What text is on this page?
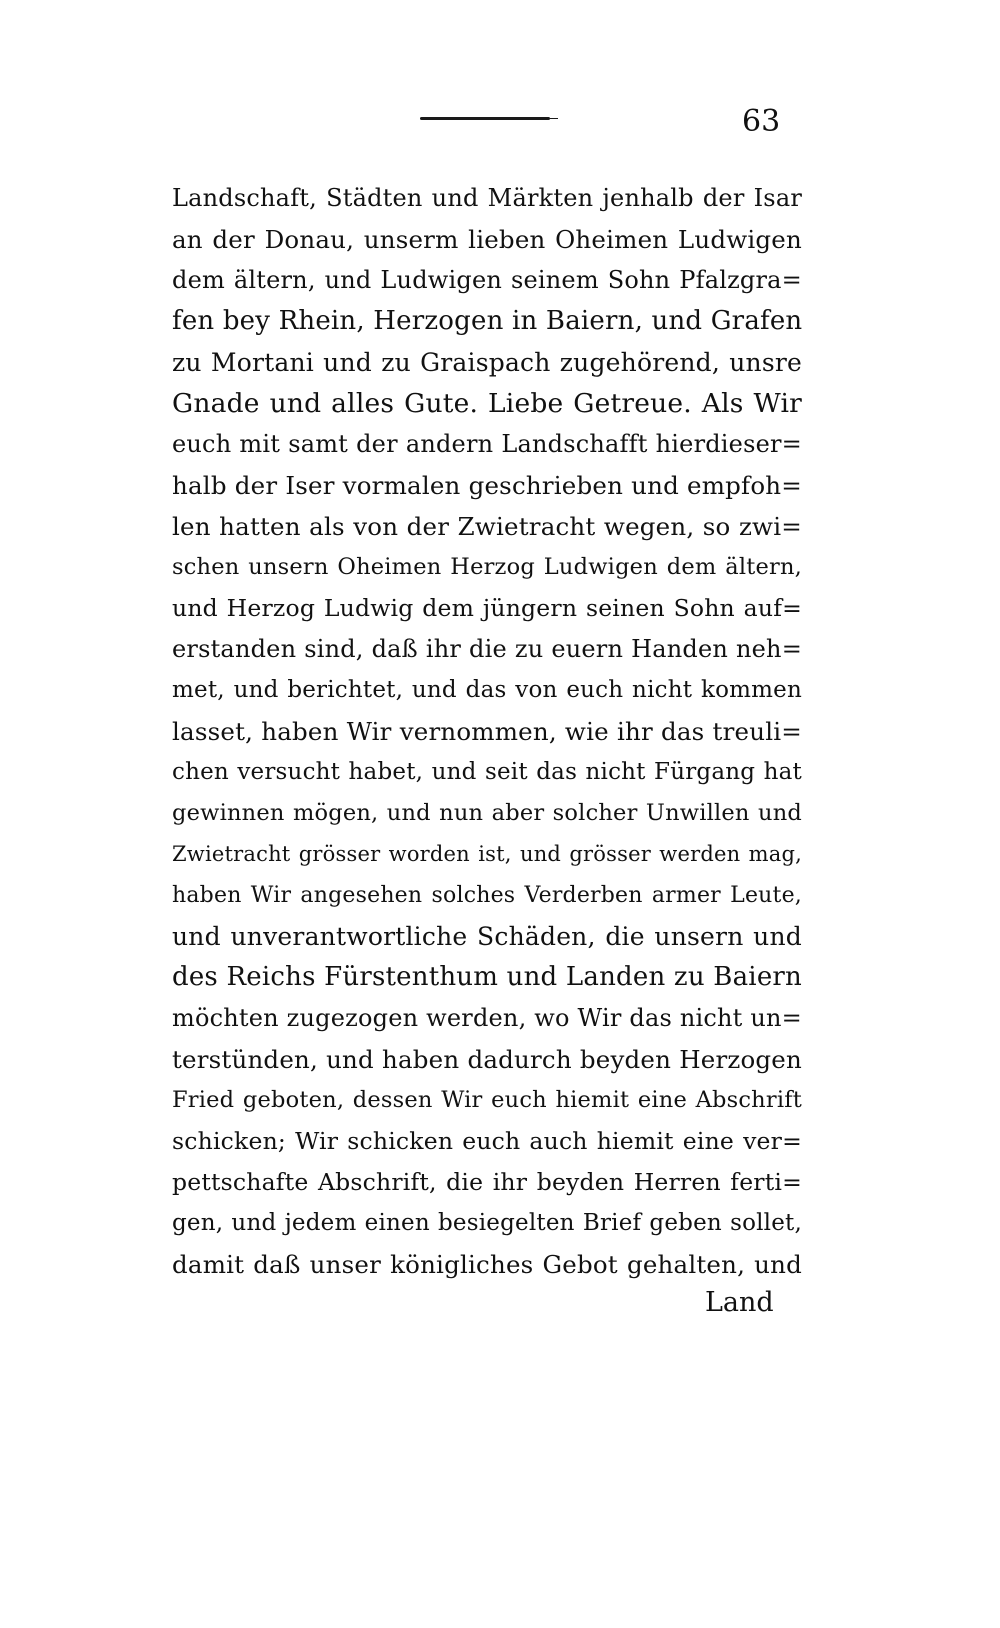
63
Landschaft, Städten und Märkten jenhalb der Isar
an der Donau, unserm lieben Oheimen Ludwigen
dem ältern, und Ludwigen seinem Sohn Pfalzgra=
fen bey Rhein, Herzogen in Baiern, und Grafen
zu Mortani und zu Graispach zugehörend, unsre
Gnade und alles Gute. Liebe Getreue. Als Wir
euch mit samt der andern Landschafft hierdieser=
halb der Iser vormalen geschrieben und empfoh=
len hatten als von der Zwietracht wegen, so zwi=
schen unsern Oheimen Herzog Ludwigen dem ältern,
und Herzog Ludwig dem jüngern seinen Sohn auf=
erstanden sind, daß ihr die zu euern Handen neh=
met, und berichtet, und das von euch nicht kommen
lasset, haben Wir vernommen, wie ihr das treuli=
chen versucht habet, und seit das nicht Fürgang hat
gewinnen mögen, und nun aber solcher Unwillen und
Zwietracht grösser worden ist, und grösser werden mag,
haben Wir angesehen solches Verderben armer Leute,
und unverantwortliche Schäden, die unsern und
des Reichs Fürstenthum und Landen zu Baiern
möchten zugezogen werden, wo Wir das nicht un=
terstünden, und haben dadurch beyden Herzogen
Fried geboten, dessen Wir euch hiemit eine Abschrift
schicken; Wir schicken euch auch hiemit eine ver=
pettschafte Abschrift, die ihr beyden Herren ferti=
gen, und jedem einen besiegelten Brief geben sollet,
damit daß unser königliches Gebot gehalten, und
Land
